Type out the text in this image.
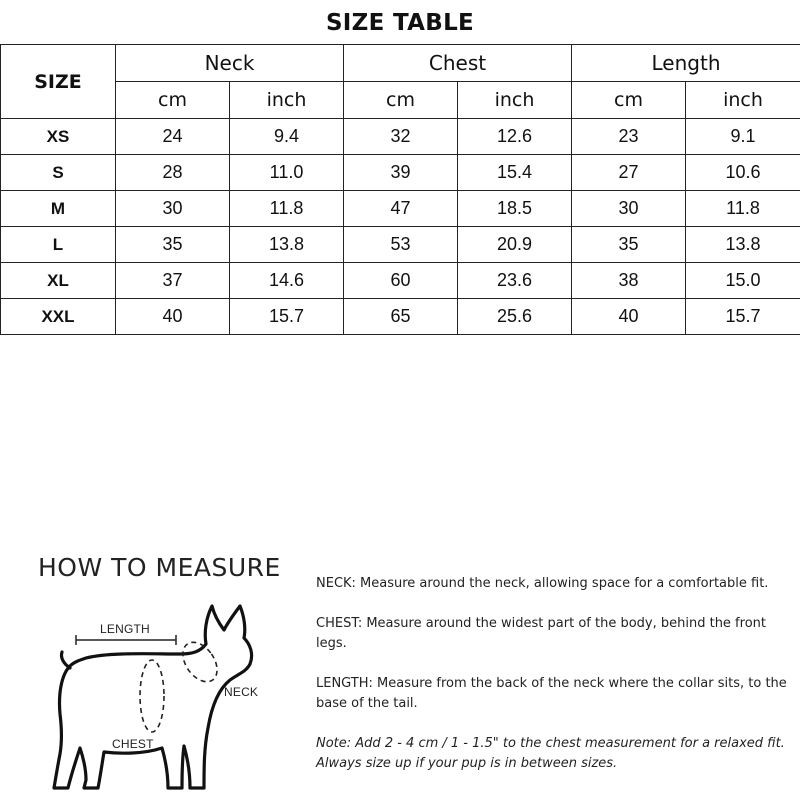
SIZE TABLE
SIZE	Neck		Chest		Length	
	cm	inch	cm	inch	cm	inch
XS	24	9.4	32	12.6	23	9.1
S	28	11.0	39	15.4	27	10.6
M	30	11.8	47	18.5	30	11.8
L	35	13.8	53	20.9	35	13.8
XL	37	14.6	60	23.6	38	15.0
XXL	40	15.7	65	25.6	40	15.7
HOW TO MEASURE
LENGTH
NECK
CHEST

NECK: Measure around the neck, allowing space for a comfortable fit.

CHEST: Measure around the widest part of the body, behind the front legs.

LENGTH: Measure from the back of the neck where the collar sits, to the base of the tail.

Note: Add 2 - 4 cm / 1 - 1.5" to the chest measurement for a relaxed fit. Always size up if your pup is in between sizes.
